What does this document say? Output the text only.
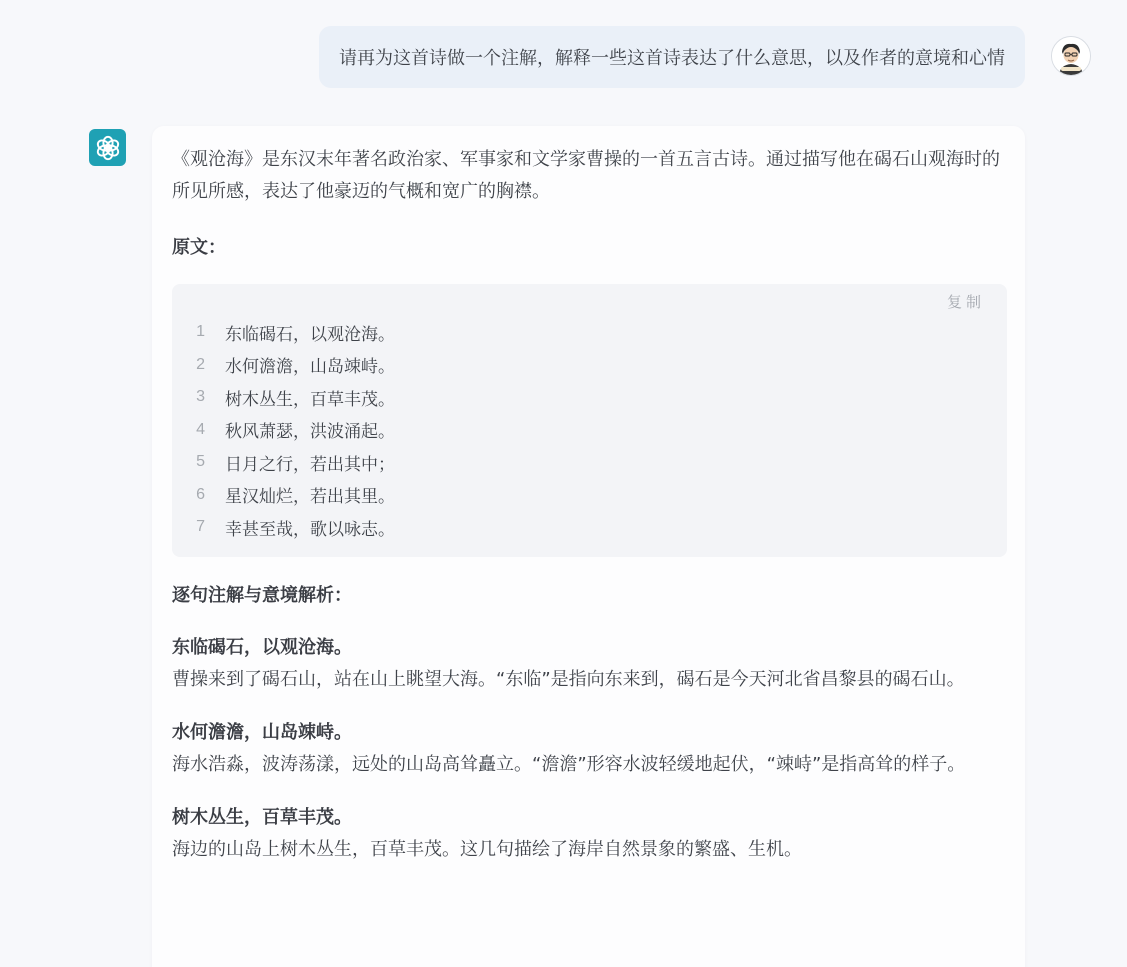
请再为这首诗做一个注解，解释一些这首诗表达了什么意思，以及作者的意境和心情

《观沧海》是东汉末年著名政治家、军事家和文学家曹操的一首五言古诗。通过描写他在碣石山观海时的所见所感，表达了他豪迈的气概和宽广的胸襟。

原文：

复制
1 东临碣石，以观沧海。
2 水何澹澹，山岛竦峙。
3 树木丛生，百草丰茂。
4 秋风萧瑟，洪波涌起。
5 日月之行，若出其中；
6 星汉灿烂，若出其里。
7 幸甚至哉，歌以咏志。

逐句注解与意境解析：

东临碣石，以观沧海。

曹操来到了碣石山，站在山上眺望大海。“东临”是指向东来到，碣石是今天河北省昌黎县的碣石山。

水何澹澹，山岛竦峙。

海水浩淼，波涛荡漾，远处的山岛高耸矗立。“澹澹”形容水波轻缓地起伏，“竦峙”是指高耸的样子。

树木丛生，百草丰茂。

海边的山岛上树木丛生，百草丰茂。这几句描绘了海岸自然景象的繁盛、生机。
